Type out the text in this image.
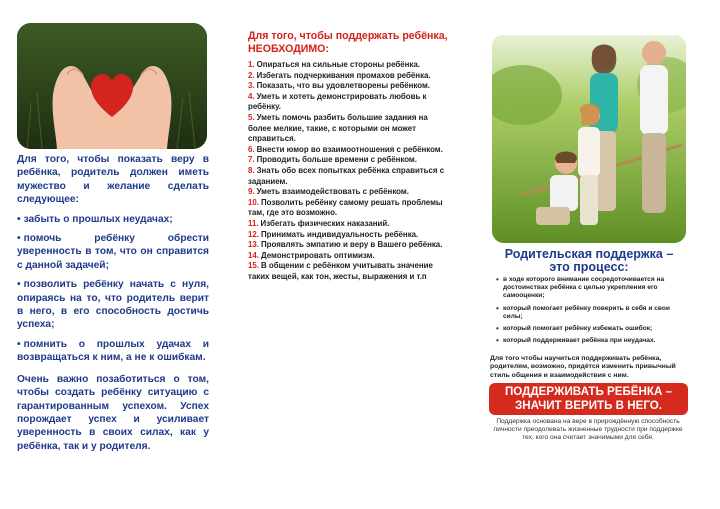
Для того, чтобы показать веру в ребёнка, родитель должен иметь мужество и желание сделать следующее:

• забыть о прошлых неудачах;

• помочь ребёнку обрести уверенность в том, что он справится с данной задачей;

• позволить ребёнку начать с нуля, опираясь на то, что родитель верит в него, в его способность достичь успеха;

• помнить о прошлых удачах и возвращаться к ним, а не к ошибкам.

Очень важно позаботиться о том, чтобы создать ребёнку ситуацию с гарантированным успехом. Успех порождает успех и усиливает уверенность в своих силах, как у ребёнка, так и у родителя.

Для того, чтобы поддержать ребёнка, НЕОБХОДИМО:
1. Опираться на сильные стороны ребёнка.
2. Избегать подчеркивания промахов ребёнка.
3. Показать, что вы удовлетворены ребёнком.
4. Уметь и хотеть демонстрировать любовь к ребёнку.
5. Уметь помочь разбить большие задания на более мелкие, такие, с которыми он может справиться.
6. Внести юмор во взаимоотношения с ребёнком.
7. Проводить больше времени с ребёнком.
8. Знать обо всех попытках ребёнка справиться с заданием.
9. Уметь взаимодействовать с ребёнком.
10. Позволить ребёнку самому решать проблемы там, где это возможно.
11. Избегать физических наказаний.
12. Принимать индивидуальность ребёнка.
13. Проявлять эмпатию и веру в Вашего ребёнка.
14. Демонстрировать оптимизм.
15. В общении с ребёнком учитывать значение таких вещей, как тон, жесты, выражения и т.п
Родительская поддержка –
это процесс:
• в ходе которого внимание сосредоточивается на достоинствах ребёнка с целью укрепления его самооценки;
• который помогает ребёнку поверить в себя и свои силы;
• который помогает ребёнку избежать ошибок;
• который поддерживает ребёнка при неудачах.
Для того чтобы научиться поддерживать ребёнка, родителям, возможно, придётся изменить привычный стиль общения и взаимодействия с ним.
ПОДДЕРЖИВАТЬ РЕБЁНКА –
ЗНАЧИТ ВЕРИТЬ В НЕГО.
Поддержка основана на вере в прирождённую способность личности преодолевать жизненные трудности при поддержке тех, кого она считает значимыми для себя.
